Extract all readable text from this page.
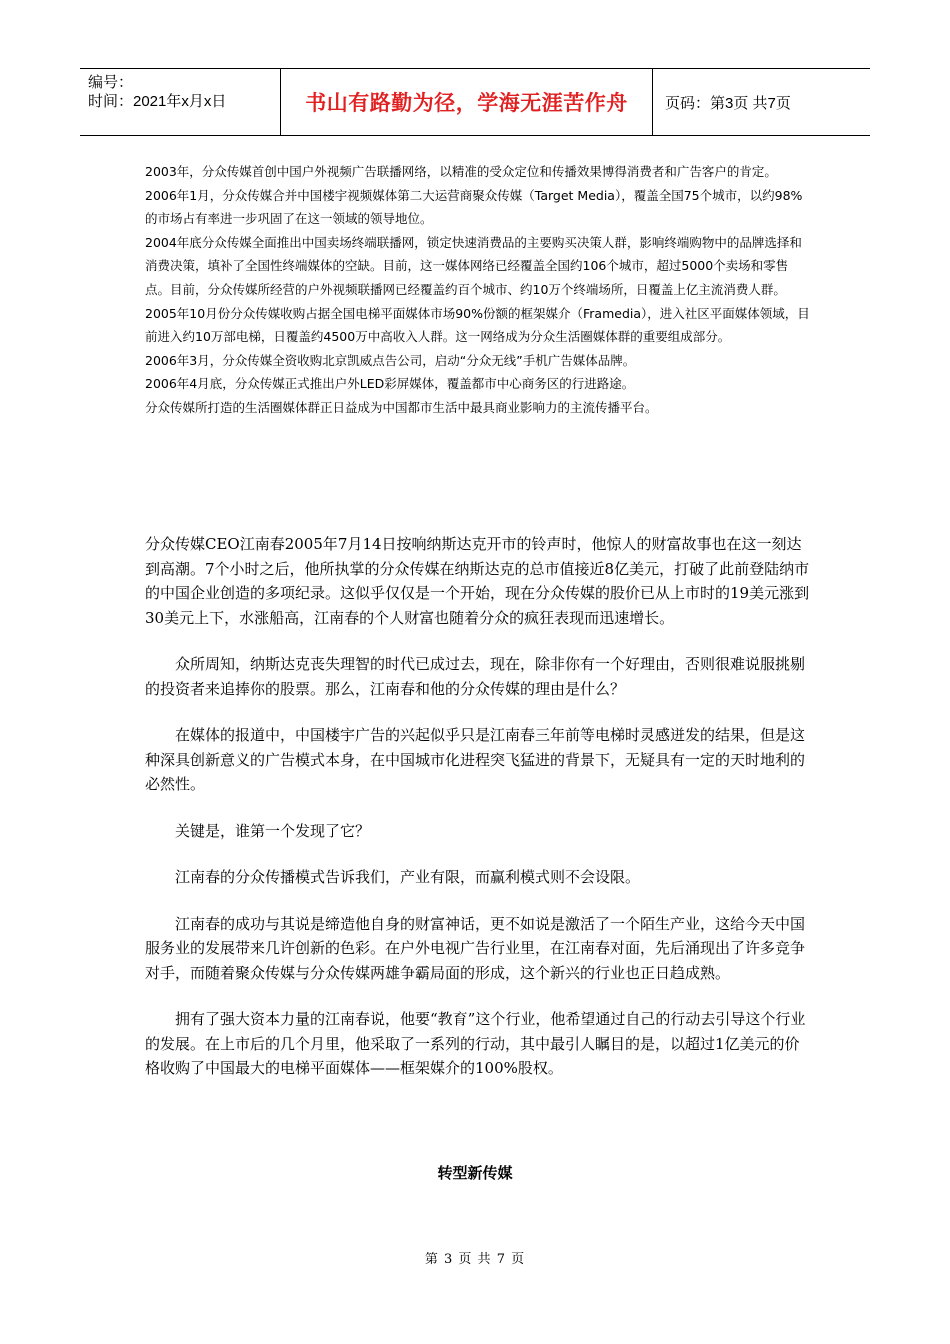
编号：
时间：2021年x月x日	书山有路勤为径，学海无涯苦作舟	页码：第3页 共7页

2003年，分众传媒首创中国户外视频广告联播网络，以精准的受众定位和传播效果博得消费者和广告客户的肯定。

2006年1月，分众传媒合并中国楼宇视频媒体第二大运营商聚众传媒（Target Media），覆盖全国75个城市，以约98%的市场占有率进一步巩固了在这一领域的领导地位。

2004年底分众传媒全面推出中国卖场终端联播网，锁定快速消费品的主要购买决策人群，影响终端购物中的品牌选择和消费决策，填补了全国性终端媒体的空缺。目前，这一媒体网络已经覆盖全国约106个城市，超过5000个卖场和零售点。目前，分众传媒所经营的户外视频联播网已经覆盖约百个城市、约10万个终端场所，日覆盖上亿主流消费人群。

2005年10月份分众传媒收购占据全国电梯平面媒体市场90%份额的框架媒介（Framedia），进入社区平面媒体领域，目前进入约10万部电梯，日覆盖约4500万中高收入人群。这一网络成为分众生活圈媒体群的重要组成部分。

2006年3月，分众传媒全资收购北京凯威点告公司，启动“分众无线”手机广告媒体品牌。

2006年4月底，分众传媒正式推出户外LED彩屏媒体，覆盖都市中心商务区的行进路途。

分众传媒所打造的生活圈媒体群正日益成为中国都市生活中最具商业影响力的主流传播平台。

分众传媒CEO江南春2005年7月14日按响纳斯达克开市的铃声时，他惊人的财富故事也在这一刻达到高潮。7个小时之后，他所执掌的分众传媒在纳斯达克的总市值接近8亿美元，打破了此前登陆纳市的中国企业创造的多项纪录。这似乎仅仅是一个开始，现在分众传媒的股价已从上市时的19美元涨到30美元上下，水涨船高，江南春的个人财富也随着分众的疯狂表现而迅速增长。

众所周知，纳斯达克丧失理智的时代已成过去，现在，除非你有一个好理由，否则很难说服挑剔的投资者来追捧你的股票。那么，江南春和他的分众传媒的理由是什么？

在媒体的报道中，中国楼宇广告的兴起似乎只是江南春三年前等电梯时灵感迸发的结果，但是这种深具创新意义的广告模式本身，在中国城市化进程突飞猛进的背景下，无疑具有一定的天时地利的必然性。

关键是，谁第一个发现了它？

江南春的分众传播模式告诉我们，产业有限，而赢利模式则不会设限。

江南春的成功与其说是缔造他自身的财富神话，更不如说是激活了一个陌生产业，这给今天中国服务业的发展带来几许创新的色彩。在户外电视广告行业里，在江南春对面，先后涌现出了许多竞争对手，而随着聚众传媒与分众传媒两雄争霸局面的形成，这个新兴的行业也正日趋成熟。

拥有了强大资本力量的江南春说，他要“教育”这个行业，他希望通过自己的行动去引导这个行业的发展。在上市后的几个月里，他采取了一系列的行动，其中最引人瞩目的是，以超过1亿美元的价格收购了中国最大的电梯平面媒体——框架媒介的100%股权。

转型新传媒
第 3 页 共 7 页
